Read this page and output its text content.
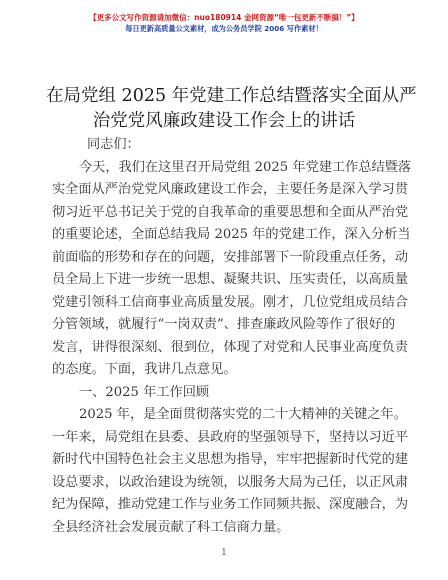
【更多公文写作资源请加微信：nuo180914 金网资源“唯一包更新不断搞！”】
每日更新高质量公文素材，成为公务员学院 2006 写作素材！
在局党组 2025 年党建工作总结暨落实全面从严
治党党风廉政建设工作会上的讲话
同志们：
今天，我们在这里召开局党组 2025 年党建工作总结暨落
实全面从严治党党风廉政建设工作会，主要任务是深入学习贯
彻习近平总书记关于党的自我革命的重要思想和全面从严治党
的重要论述，全面总结我局 2025 年的党建工作，深入分析当
前面临的形势和存在的问题，安排部署下一阶段重点任务，动
员全局上下进一步统一思想、凝聚共识、压实责任，以高质量
党建引领科工信商事业高质量发展。刚才，几位党组成员结合
分管领域，就履行“一岗双责”、排查廉政风险等作了很好的
发言，讲得很深刻、很到位，体现了对党和人民事业高度负责
的态度。下面，我讲几点意见。
一、2025 年工作回顾
2025 年，是全面贯彻落实党的二十大精神的关键之年。
一年来，局党组在县委、县政府的坚强领导下，坚持以习近平
新时代中国特色社会主义思想为指导，牢牢把握新时代党的建
设总要求，以政治建设为统领，以服务大局为己任，以正风肃
纪为保障，推动党建工作与业务工作同频共振、深度融合，为
全县经济社会发展贡献了科工信商力量。
1
